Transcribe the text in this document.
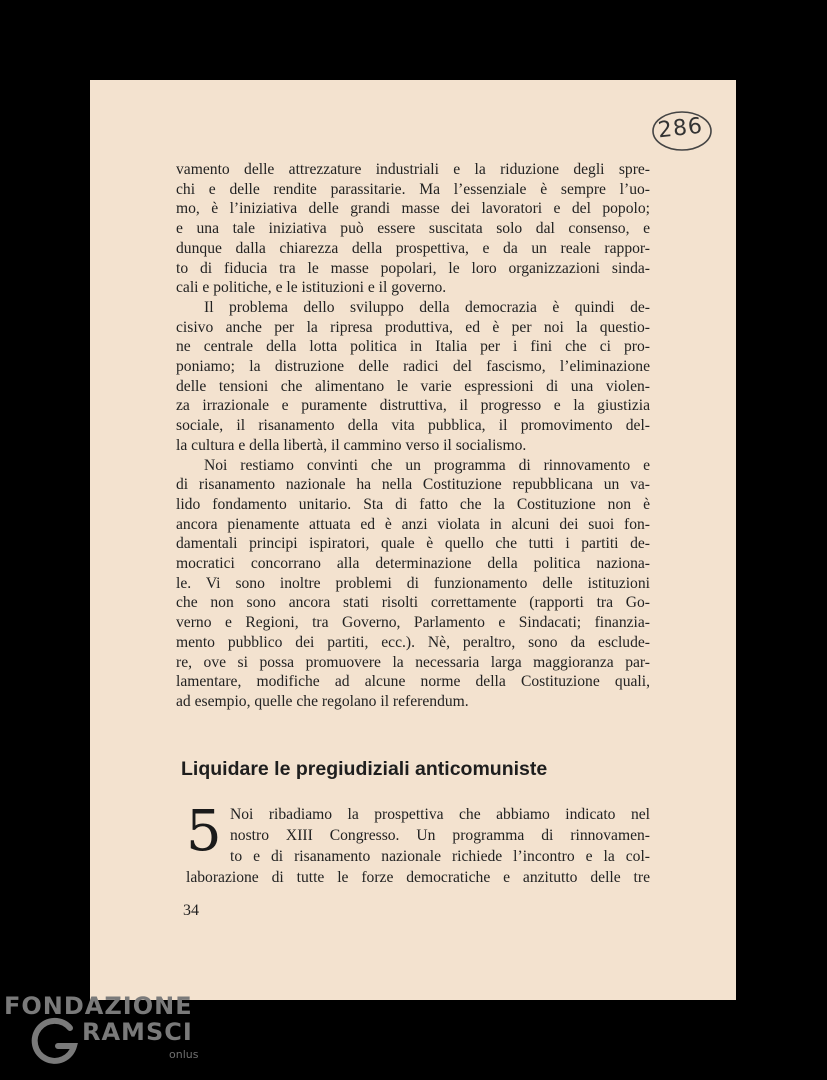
286
vamento delle attrezzature industriali e la riduzione degli spre-
chi e delle rendite parassitarie. Ma l’essenziale è sempre l’uo-
mo, è l’iniziativa delle grandi masse dei lavoratori e del popolo;
e una tale iniziativa può essere suscitata solo dal consenso, e
dunque dalla chiarezza della prospettiva, e da un reale rappor-
to di fiducia tra le masse popolari, le loro organizzazioni sinda-
cali e politiche, e le istituzioni e il governo.
Il problema dello sviluppo della democrazia è quindi de-
cisivo anche per la ripresa produttiva, ed è per noi la questio-
ne centrale della lotta politica in Italia per i fini che ci pro-
poniamo; la distruzione delle radici del fascismo, l’eliminazione
delle tensioni che alimentano le varie espressioni di una violen-
za irrazionale e puramente distruttiva, il progresso e la giustizia
sociale, il risanamento della vita pubblica, il promovimento del-
la cultura e della libertà, il cammino verso il socialismo.
Noi restiamo convinti che un programma di rinnovamento e
di risanamento nazionale ha nella Costituzione repubblicana un va-
lido fondamento unitario. Sta di fatto che la Costituzione non è
ancora pienamente attuata ed è anzi violata in alcuni dei suoi fon-
damentali principi ispiratori, quale è quello che tutti i partiti de-
mocratici concorrano alla determinazione della politica naziona-
le. Vi sono inoltre problemi di funzionamento delle istituzioni
che non sono ancora stati risolti correttamente (rapporti tra Go-
verno e Regioni, tra Governo, Parlamento e Sindacati; finanzia-
mento pubblico dei partiti, ecc.). Nè, peraltro, sono da esclude-
re, ove si possa promuovere la necessaria larga maggioranza par-
lamentare, modifiche ad alcune norme della Costituzione quali,
ad esempio, quelle che regolano il referendum.
Liquidare le pregiudiziali anticomuniste
5 Noi ribadiamo la prospettiva che abbiamo indicato nel
nostro XIII Congresso. Un programma di rinnovamen-
to e di risanamento nazionale richiede l’incontro e la col-
laborazione di tutte le forze democratiche e anzitutto delle tre
34
FONDAZIONE
RAMSCI
onlus
